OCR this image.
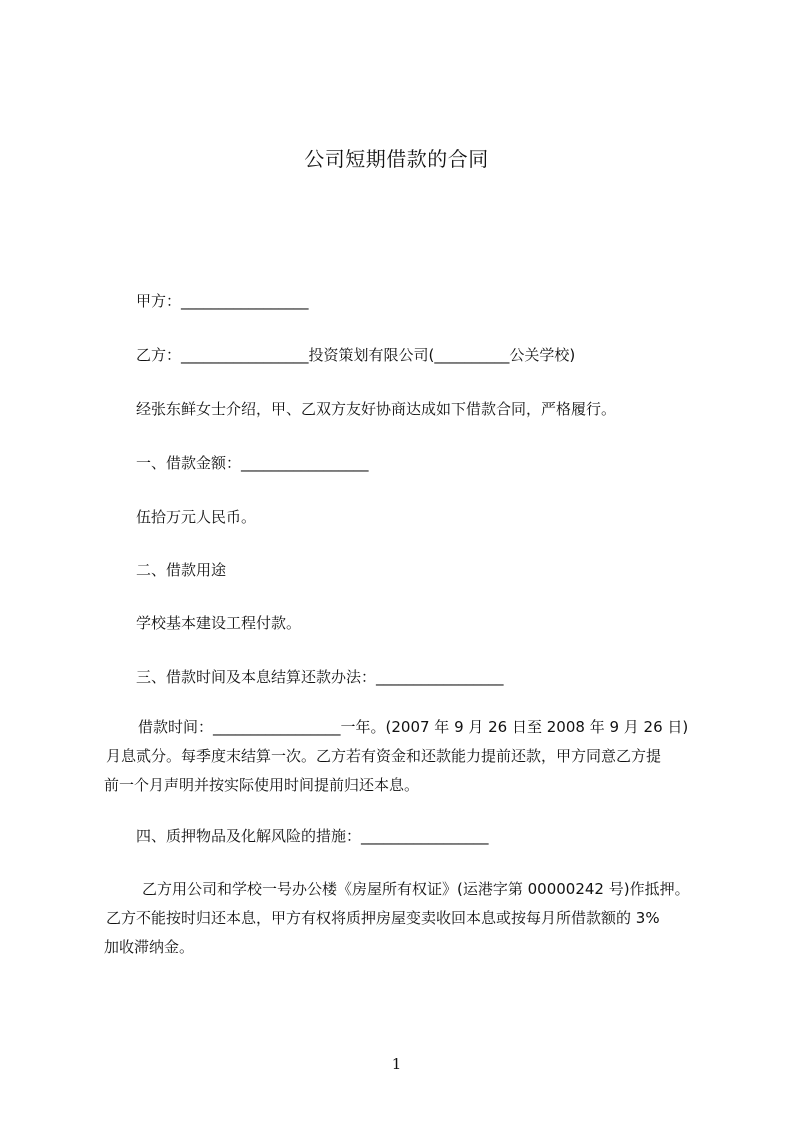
公司短期借款的合同
甲方：_________________
乙方：_________________投资策划有限公司(__________公关学校)
经张东鲜女士介绍，甲、乙双方友好协商达成如下借款合同，严格履行。
一、借款金额：_________________
伍拾万元人民币。
二、借款用途
学校基本建设工程付款。
三、借款时间及本息结算还款办法：_________________

借款时间：_________________一年。(2007 年 9 月 26 日至 2008 年 9 月 26 日)

月息贰分。每季度末结算一次。乙方若有资金和还款能力提前还款，甲方同意乙方提

前一个月声明并按实际使用时间提前归还本息。

四、质押物品及化解风险的措施：_________________

乙方用公司和学校一号办公楼《房屋所有权证》(运港字第 00000242 号)作抵押。

乙方不能按时归还本息，甲方有权将质押房屋变卖收回本息或按每月所借款额的 3%

加收滞纳金。

1
